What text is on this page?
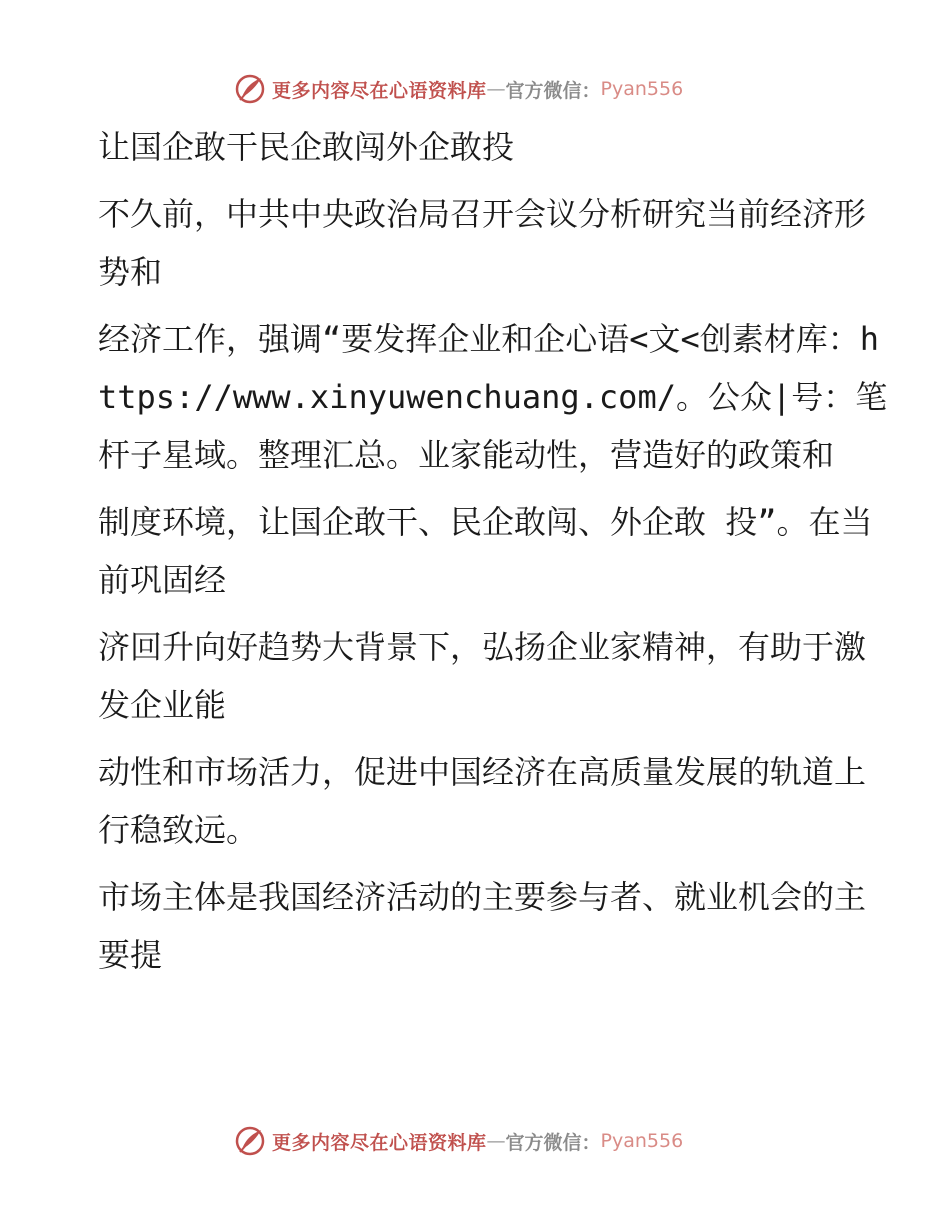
更多内容尽在心语资料库 — 官方微信： Pyan556

让国企敢干民企敢闯外企敢投

不久前，中共中央政治局召开会议分析研究当前经济形势和

经济工作，强调“要发挥企业和企心语<文<创素材库：https://www.xinyuwenchuang.com/。公众|号：笔杆子星域。整理汇总。业家能动性，营造好的政策和

制度环境，让国企敢干、民企敢闯、外企敢 投”。在当前巩固经

济回升向好趋势大背景下，弘扬企业家精神，有助于激发企业能

动性和市场活力，促进中国经济在高质量发展的轨道上行稳致远。

市场主体是我国经济活动的主要参与者、就业机会的主要提

更多内容尽在心语资料库 — 官方微信： Pyan556
